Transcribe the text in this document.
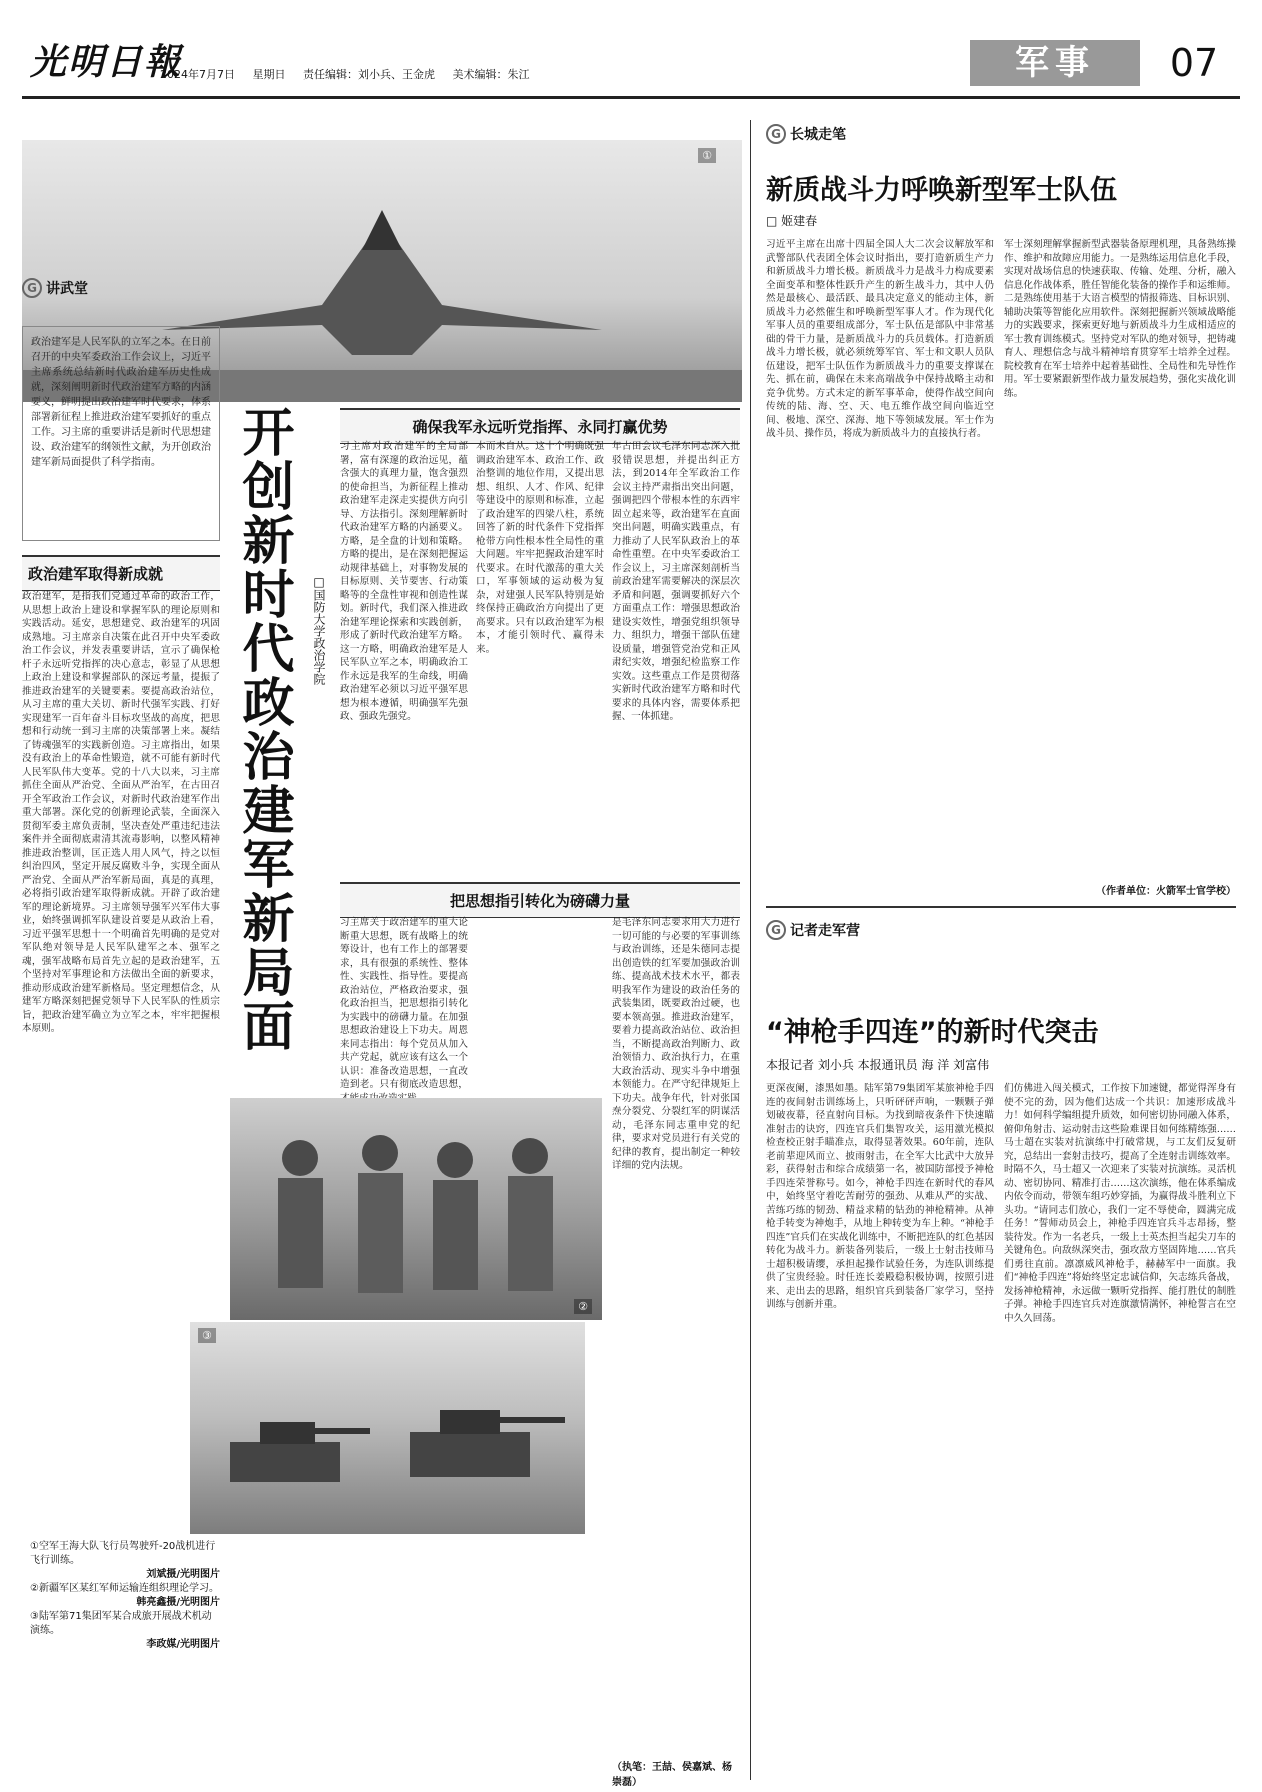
光明日報
2024年7月7日 星期日 责任编辑：刘小兵、王金虎 美术编辑：朱江	军事	07
①
G 讲武堂
政治建军是人民军队的立军之本。在日前召开的中央军委政治工作会议上，习近平主席系统总结新时代政治建军历史性成就，深刻阐明新时代政治建军方略的内涵要义，鲜明提出政治建军时代要求，体系部署新征程上推进政治建军要抓好的重点工作。习主席的重要讲话是新时代思想建设、政治建军的纲领性文献，为开创政治建军新局面提供了科学指南。	开创新时代政治建军新局面	□国防大学政治学院
政治建军取得新成就
政治建军，是指我们党通过革命的政治工作，从思想上政治上建设和掌握军队的理论原则和实践活动。延安，思想建党、政治建军的巩固成熟地。习主席亲自决策在此召开中央军委政治工作会议，并发表重要讲话，宣示了确保枪杆子永远听党指挥的决心意志，彰显了从思想上政治上建设和掌握部队的深远考量，提振了推进政治建军的关键要素。要提高政治站位，从习主席的重大关切、新时代强军实践、打好实现建军一百年奋斗目标攻坚战的高度，把思想和行动统一到习主席的决策部署上来。凝结了铸魂强军的实践新创造。习主席指出，如果没有政治上的革命性锻造，就不可能有新时代人民军队伟大变革。党的十八大以来，习主席抓住全面从严治党、全面从严治军，在古田召开全军政治工作会议，对新时代政治建军作出重大部署。深化党的创新理论武装，全面深入贯彻军委主席负责制，坚决查处严重违纪违法案件并全面彻底肃清其流毒影响，以整风精神推进政治整训，匡正选人用人风气，持之以恒纠治四风，坚定开展反腐败斗争，实现全面从严治党、全面从严治军新局面，真是的真理，必将指引政治建军取得新成就。开辟了政治建军的理论新境界。习主席领导强军兴军伟大事业，始终强调抓军队建设首要是从政治上看，习近平强军思想十一个明确首先明确的是党对军队绝对领导是人民军队建军之本、强军之魂，强军战略布局首先立起的是政治建军，五个坚持对军事理论和方法做出全面的新要求，推动形成政治建军新格局。坚定理想信念，从建军方略深刻把握党领导下人民军队的性质宗旨，把政治建军确立为立军之本，牢牢把握根本原则。
确保我军永远听党指挥、永同打赢优势
习主席对政治建军的全局部署，富有深邃的政治远见，蕴含强大的真理力量，饱含强烈的使命担当，为新征程上推动政治建军走深走实提供方向引导、方法指引。深刻理解新时代政治建军方略的内涵要义。方略，是全盘的计划和策略。方略的提出，是在深刻把握运动规律基础上，对事物发展的目标原则、关节要害、行动策略等的全盘性审视和创造性谋划。新时代，我们深入推进政治建军理论探索和实践创新，形成了新时代政治建军方略。这一方略，明确政治建军是人民军队立军之本，明确政治工作永远是我军的生命线，明确政治建军必须以习近平强军思想为根本遵循，明确强军先强政、强政先强党。
本而未自从。这十个明确既强调政治建军本、政治工作、政治整训的地位作用，又提出思想、组织、人才、作风、纪律等建设中的原则和标准，立起了政治建军的四梁八柱，系统回答了新的时代条件下党指挥枪带方向性根本性全局性的重大问题。牢牢把握政治建军时代要求。在时代激荡的重大关口，军事领域的运动极为复杂，对建强人民军队特别是始终保持正确政治方向提出了更高要求。只有以政治建军为根本，才能引领时代、赢得未来。
年古田会议毛泽东同志深入批驳错误思想，并提出纠正方法，到2014年全军政治工作会议主持严肃指出突出问题，强调把四个带根本性的东西牢固立起来等，政治建军在直面突出问题，明确实践重点，有力推动了人民军队政治上的革命性重塑。在中央军委政治工作会议上，习主席深刻剖析当前政治建军需要解决的深层次矛盾和问题，强调要抓好六个方面重点工作：增强思想政治建设实效性，增强党组织领导力、组织力，增强干部队伍建设质量，增强管党治党和正风肃纪实效，增强纪检监察工作实效。这些重点工作是贯彻落实新时代政治建军方略和时代要求的具体内容，需要体系把握、一体抓建。
把思想指引转化为磅礴力量
习主席关于政治建军的重大论断重大思想，既有战略上的统筹设计，也有工作上的部署要求，具有很强的系统性、整体性、实践性、指导性。要提高政治站位，严格政治要求，强化政治担当，把思想指引转化为实践中的磅礴力量。在加强思想政治建设上下功夫。周恩来同志指出：每个党员从加入共产党起，就应该有这么一个认识：准备改造思想，一直改造到老。只有彻底改造思想，
是毛泽东同志要求用大力进行一切可能的与必要的军事训练与政治训练，还是朱德同志提出创造铁的红军要加强政治训练、提高战术技术水平，都表明我军作为建设的政治任务的武装集团，既要政治过硬，也要本领高强。推进政治建军，要着力提高政治站位、政治担当，不断提高政治判断力、政治领悟力、政治执行力，在重大政治活动、现实斗争中增强本领能力。在严守纪律规矩上下功夫。战争年代，针对张国焘分裂党、分裂红军的阴谋活动，毛泽东同志重申党的纪律，要求对党员进行有关党的纪律的教育，提出制定一种较详细的党内法规。
②
③
①空军王海大队飞行员驾驶歼-20战机进行飞行训练。
刘斌摄/光明图片
②新疆军区某红军师运输连组织理论学习。
韩亮鑫摄/光明图片
③陆军第71集团军某合成旅开展战术机动演练。
李政媒/光明图片
（执笔：王喆、侯嘉斌、杨崇磊）
G 长城走笔
新质战斗力呼唤新型军士队伍
□ 姬建春
习近平主席在出席十四届全国人大二次会议解放军和武警部队代表团全体会议时指出，要打造新质生产力和新质战斗力增长极。新质战斗力是战斗力构成要素全面变革和整体性跃升产生的新生战斗力，其中人仍然是最核心、最活跃、最具决定意义的能动主体，新质战斗力必然催生和呼唤新型军事人才。作为现代化军事人员的重要组成部分，军士队伍是部队中非常基础的骨干力量，是新质战斗力的兵员载体。打造新质战斗力增长极，就必须统筹军官、军士和文职人员队伍建设，把军士队伍作为新质战斗力的重要支撑谋在先、抓在前，确保在未来高端战争中保持战略主动和竞争优势。方式未定的新军事革命，使得作战空间向传统的陆、海、空、天、电五维作战空间向临近空间、极地、深空、深海、地下等领域发展。军士作为战斗员、操作员，将成为新质战斗力的直接执行者。
军士深刻理解掌握新型武器装备原理机理，具备熟练操作、维护和故障应用能力。一是熟练运用信息化手段，实现对战场信息的快速获取、传输、处理、分析，融入信息化作战体系，胜任智能化装备的操作手和运维师。二是熟练使用基于大语言模型的情报筛选、目标识别、辅助决策等智能化应用软件。深刻把握新兴领域战略能力的实践要求，探索更好地与新质战斗力生成相适应的军士教育训练模式。坚持党对军队的绝对领导，把铸魂育人、理想信念与战斗精神培育贯穿军士培养全过程。院校教育在军士培养中起着基础性、全局性和先导性作用。军士要紧跟新型作战力量发展趋势，强化实战化训练。
（作者单位：火箭军士官学校）
G 记者走军营
“神枪手四连”的新时代突击
本报记者 刘小兵 本报通讯员 海 洋 刘富伟
更深夜阑，漆黑如墨。陆军第79集团军某旅神枪手四连的夜间射击训练场上，只听砰砰声响，一颗颗子弹划破夜幕，径直射向目标。为找到暗夜条件下快速瞄准射击的诀窍，四连官兵们集智攻关，运用激光模拟检查校正射手瞄准点，取得显著效果。60年前，连队老前辈迎风而立、披雨射击，在全军大比武中大放异彩，获得射击和综合成绩第一名，被国防部授予神枪手四连荣誉称号。如今，神枪手四连在新时代的春风中，始终坚守着吃苦耐劳的强劲、从难从严的实战、苦练巧练的韧劲、精益求精的钻劲的神枪精神。从神枪手转变为神炮手，从地上种转变为车上种。“神枪手四连”官兵们在实战化训练中，不断把连队的红色基因转化为战斗力。新装备列装后，一级上士射击技师马士超积极请缨，承担起操作试验任务，为连队训练提供了宝贵经验。时任连长姜殿稳积极协调，按照引进来、走出去的思路，组织官兵到装备厂家学习，坚持训练与创新并重。
们仿佛进入闯关模式，工作按下加速键，都觉得浑身有使不完的劲，因为他们达成一个共识：加速形成战斗力！如何科学编组提升质效，如何密切协同融入体系，俯仰角射击、运动射击这些险难课目如何练精练强……马士超在实装对抗演练中打破常规，与工友们反复研究，总结出一套射击技巧，提高了全连射击训练效率。时隔不久，马士超又一次迎来了实装对抗演练。灵活机动、密切协同、精准打击……这次演练，他在体系编成内依令而动，带领车组巧妙穿插，为赢得战斗胜利立下头功。“请同志们放心，我们一定不辱使命，圆满完成任务！”誓师动员会上，神枪手四连官兵斗志昂扬，整装待发。作为一名老兵，一级上士英杰担当起尖刀车的关键角色。向敌纵深突击，强攻敌方坚固阵地……官兵们勇往直前。凛凛威风神枪手，赫赫军中一面旗。我们“神枪手四连”将始终坚定忠诚信仰，矢志练兵备战，发扬神枪精神，永远做一颗听党指挥、能打胜仗的制胜子弹。神枪手四连官兵对连旗激情满怀，神枪誓言在空中久久回荡。
